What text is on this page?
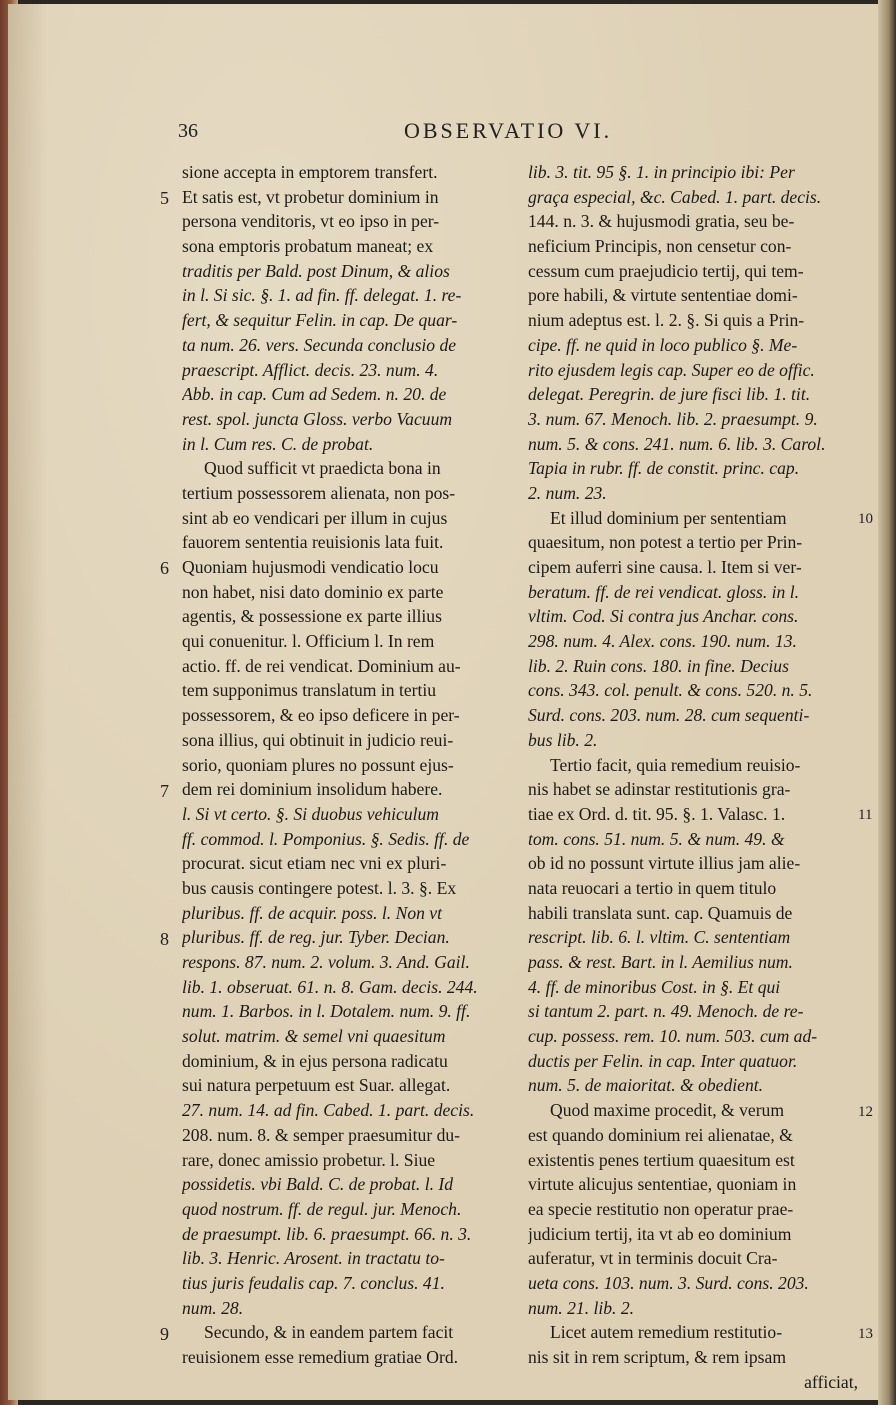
36	OBSERVATIO VI.
sione accepta in emptorem transfert.
Et satis est, vt probetur dominium in
persona venditoris, vt eo ipso in per-
sona emptoris probatum maneat; ex
traditis per Bald. post Dinum, & alios
in l. Si sic. §. 1. ad fin. ff. delegat. 1. re-
fert, & sequitur Felin. in cap. De quar-
ta num. 26. vers. Secunda conclusio de
praescript. Afflict. decis. 23. num. 4.
Abb. in cap. Cum ad Sedem. n. 20. de
rest. spol. juncta Gloss. verbo Vacuum
in l. Cum res. C. de probat.
Quod sufficit vt praedicta bona in
tertium possessorem alienata, non pos-
sint ab eo vendicari per illum in cujus
fauorem sententia reuisionis lata fuit.
Quoniam hujusmodi vendicatio locu
non habet, nisi dato dominio ex parte
agentis, & possessione ex parte illius
qui conuenitur. l. Officium l. In rem
actio. ff. de rei vendicat. Dominium au-
tem supponimus translatum in tertiu
possessorem, & eo ipso deficere in per-
sona illius, qui obtinuit in judicio reui-
sorio, quoniam plures no possunt ejus-
dem rei dominium insolidum habere.
l. Si vt certo. §. Si duobus vehiculum
ff. commod. l. Pomponius. §. Sedis. ff. de
procurat. sicut etiam nec vni ex pluri-
bus causis contingere potest. l. 3. §. Ex
pluribus. ff. de acquir. poss. l. Non vt
pluribus. ff. de reg. jur. Tyber. Decian.
respons. 87. num. 2. volum. 3. And. Gail.
lib. 1. obseruat. 61. n. 8. Gam. decis. 244.
num. 1. Barbos. in l. Dotalem. num. 9. ff.
solut. matrim. & semel vni quaesitum
dominium, & in ejus persona radicatu
sui natura perpetuum est Suar. allegat.
27. num. 14. ad fin. Cabed. 1. part. decis.
208. num. 8. & semper praesumitur du-
rare, donec amissio probetur. l. Siue
possidetis. vbi Bald. C. de probat. l. Id
quod nostrum. ff. de regul. jur. Menoch.
de praesumpt. lib. 6. praesumpt. 66. n. 3.
lib. 3. Henric. Arosent. in tractatu to-
tius juris feudalis cap. 7. conclus. 41.
num. 28.
Secundo, & in eandem partem facit
reuisionem esse remedium gratiae Ord.
lib. 3. tit. 95 §. 1. in principio ibi: Per
graça especial, &c. Cabed. 1. part. decis.
144. n. 3. & hujusmodi gratia, seu be-
neficium Principis, non censetur con-
cessum cum praejudicio tertij, qui tem-
pore habili, & virtute sententiae domi-
nium adeptus est. l. 2. §. Si quis a Prin-
cipe. ff. ne quid in loco publico §. Me-
rito ejusdem legis cap. Super eo de offic.
delegat. Peregrin. de jure fisci lib. 1. tit.
3. num. 67. Menoch. lib. 2. praesumpt. 9.
num. 5. & cons. 241. num. 6. lib. 3. Carol.
Tapia in rubr. ff. de constit. princ. cap.
2. num. 23.
Et illud dominium per sententiam
quaesitum, non potest a tertio per Prin-
cipem auferri sine causa. l. Item si ver-
beratum. ff. de rei vendicat. gloss. in l.
vltim. Cod. Si contra jus Anchar. cons.
298. num. 4. Alex. cons. 190. num. 13.
lib. 2. Ruin cons. 180. in fine. Decius
cons. 343. col. penult. & cons. 520. n. 5.
Surd. cons. 203. num. 28. cum sequenti-
bus lib. 2.
Tertio facit, quia remedium reuisio-
nis habet se adinstar restitutionis gra-
tiae ex Ord. d. tit. 95. §. 1. Valasc. 1.
tom. cons. 51. num. 5. & num. 49. &
ob id no possunt virtute illius jam alie-
nata reuocari a tertio in quem titulo
habili translata sunt. cap. Quamuis de
rescript. lib. 6. l. vltim. C. sententiam
pass. & rest. Bart. in l. Aemilius num.
4. ff. de minoribus Cost. in §. Et qui
si tantum 2. part. n. 49. Menoch. de re-
cup. possess. rem. 10. num. 503. cum ad-
ductis per Felin. in cap. Inter quatuor.
num. 5. de maioritat. & obedient.
Quod maxime procedit, & verum
est quando dominium rei alienatae, &
existentis penes tertium quaesitum est
virtute alicujus sententiae, quoniam in
ea specie restitutio non operatur prae-
judicium tertij, ita vt ab eo dominium
auferatur, vt in terminis docuit Cra-
ueta cons. 103. num. 3. Surd. cons. 203.
num. 21. lib. 2.
Licet autem remedium restitutio-
nis sit in rem scriptum, & rem ipsam
afficiat,
5
6
7
8
9
10
11
12
13
